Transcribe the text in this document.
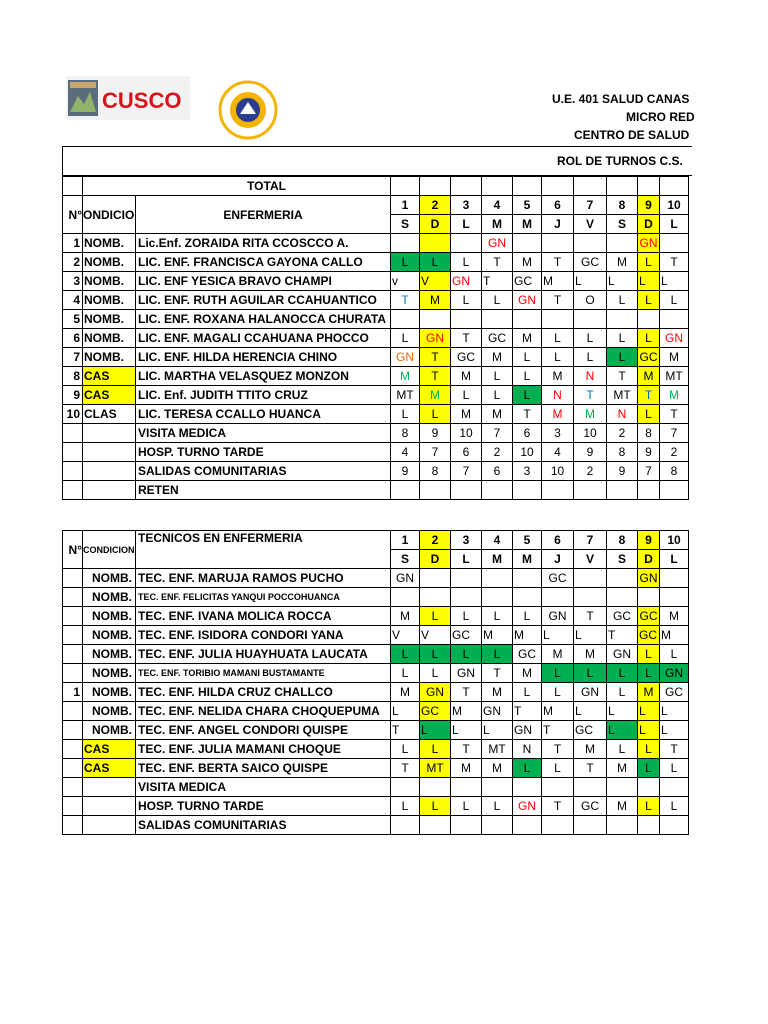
CUSCO	U.E. 401 SALUD CANAS
MICRO RED
CENTRO DE SALUD
ROL DE TURNOS C.S.
	TOTAL											
N°	ONDICIO	ENFERMERIA	1	2	3	4	5	6	7	8	9	10
			S	D	L	M	M	J	V	S	D	L
1	NOMB.	Lic.Enf. ZORAIDA RITA CCOSCCO A.				GN					GN	
2	NOMB.	LIC. ENF. FRANCISCA GAYONA CALLO	L	L	L	T	M	T	GC	M	L	T
3	NOMB.	LIC. ENF YESICA BRAVO CHAMPI	v	V	GN	T	GC	M	L	L	L	L
4	NOMB.	LIC. ENF. RUTH AGUILAR CCAHUANTICO	T	M	L	L	GN	T	O	L	L	L
5	NOMB.	LIC. ENF. ROXANA HALANOCCA CHURATA										
6	NOMB.	LIC. ENF. MAGALI CCAHUANA PHOCCO	L	GN	T	GC	M	L	L	L	L	GN
7	NOMB.	LIC. ENF. HILDA HERENCIA CHINO	GN	T	GC	M	L	L	L	L	GC	M
8	CAS	LIC. MARTHA VELASQUEZ MONZON	M	T	M	L	L	M	N	T	M	MT
9	CAS	LIC. Enf. JUDITH TTITO CRUZ	MT	M	L	L	L	N	T	MT	T	M
10	CLAS	LIC. TERESA CCALLO HUANCA	L	L	M	M	T	M	M	N	L	T
		VISITA MEDICA	8	9	10	7	6	3	10	2	8	7
		HOSP. TURNO TARDE	4	7	6	2	10	4	9	8	9	2
		SALIDAS COMUNITARIAS	9	8	7	6	3	10	2	9	7	8
		RETEN										
N°	CONDICION	TECNICOS EN ENFERMERIA	1	2	3	4	5	6	7	8	9	10
			S	D	L	M	M	J	V	S	D	L
	NOMB.	TEC. ENF. MARUJA RAMOS PUCHO	GN					GC			GN	
	NOMB.	TEC. ENF. FELICITAS YANQUI POCCOHUANCA										
	NOMB.	TEC. ENF. IVANA MOLICA ROCCA	M	L	L	L	L	GN	T	GC	GC	M
	NOMB.	TEC. ENF. ISIDORA CONDORI YANA	V	V	GC	M	M	L	L	T	GC	M
	NOMB.	TEC. ENF. JULIA HUAYHUATA LAUCATA	L	L	L	L	GC	M	M	GN	L	L
	NOMB.	TEC. ENF. TORIBIO MAMANI BUSTAMANTE	L	L	GN	T	M	L	L	L	L	GN
1	NOMB.	TEC. ENF. HILDA CRUZ CHALLCO	M	GN	T	M	L	L	GN	L	M	GC
	NOMB.	TEC. ENF. NELIDA CHARA CHOQUEPUMA	L	GC	M	GN	T	M	L	L	L	L
	NOMB.	TEC. ENF. ANGEL CONDORI QUISPE	T	L	L	L	GN	T	GC	L	L	L
	CAS	TEC. ENF. JULIA MAMANI CHOQUE	L	L	T	MT	N	T	M	L	L	T
	CAS	TEC. ENF. BERTA SAICO QUISPE	T	MT	M	M	L	L	T	M	L	L
		VISITA MEDICA										
		HOSP. TURNO TARDE	L	L	L	L	GN	T	GC	M	L	L
		SALIDAS COMUNITARIAS										
